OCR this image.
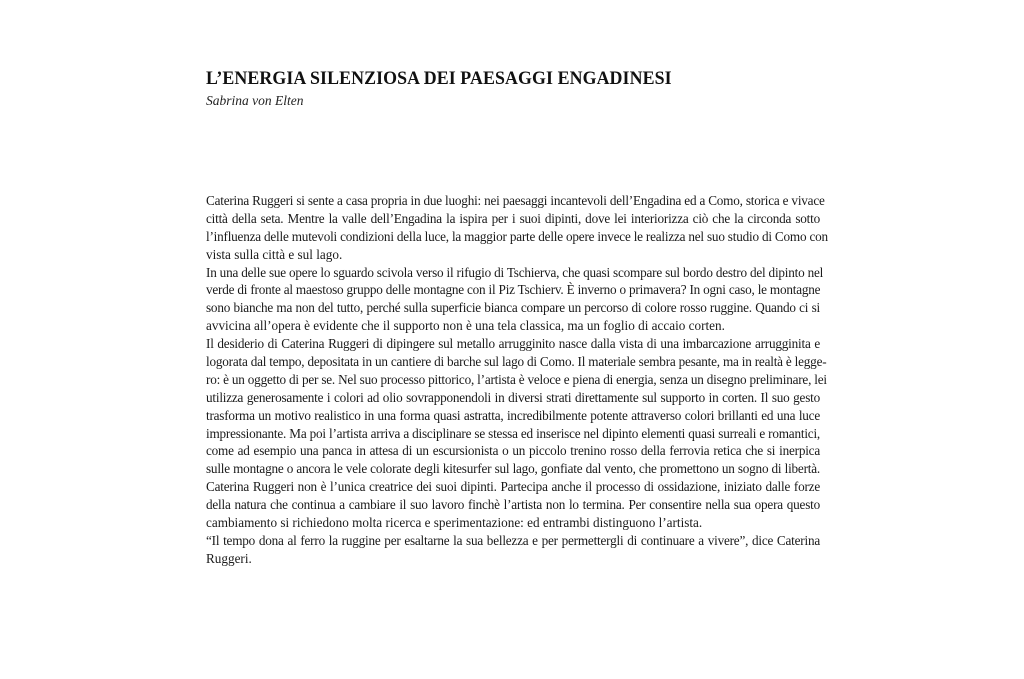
L’ENERGIA SILENZIOSA DEI PAESAGGI ENGADINESI
Sabrina von Elten
Caterina Ruggeri si sente a casa propria in due luoghi: nei paesaggi incantevoli dell’Engadina ed a Como, storica e vivace
città della seta. Mentre la valle dell’Engadina la ispira per i suoi dipinti, dove lei interiorizza ciò che la circonda sotto
l’influenza delle mutevoli condizioni della luce, la maggior parte delle opere invece le realizza nel suo studio di Como con
vista sulla città e sul lago.
In una delle sue opere lo sguardo scivola verso il rifugio di Tschierva, che quasi scompare sul bordo destro del dipinto nel
verde di fronte al maestoso gruppo delle montagne con il Piz Tschierv. È inverno o primavera? In ogni caso, le montagne
sono bianche ma non del tutto, perché sulla superficie bianca compare un percorso di colore rosso ruggine. Quando ci si
avvicina all’opera è evidente che il supporto non è una tela classica, ma un foglio di accaio corten.
Il desiderio di Caterina Ruggeri di dipingere sul metallo arrugginito nasce dalla vista di una imbarcazione arrugginita e
logorata dal tempo, depositata in un cantiere di barche sul lago di Como. Il materiale sembra pesante, ma in realtà è legge-
ro: è un oggetto di per se. Nel suo processo pittorico, l’artista è veloce e piena di energia, senza un disegno preliminare, lei
utilizza generosamente i colori ad olio sovrapponendoli in diversi strati direttamente sul supporto in corten. Il suo gesto
trasforma un motivo realistico in una forma quasi astratta, incredibilmente potente attraverso colori brillanti ed una luce
impressionante. Ma poi l’artista arriva a disciplinare se stessa ed inserisce nel dipinto elementi quasi surreali e romantici,
come ad esempio una panca in attesa di un escursionista o un piccolo trenino rosso della ferrovia retica che si inerpica
sulle montagne o ancora le vele colorate degli kitesurfer sul lago, gonfiate dal vento, che promettono un sogno di libertà.
Caterina Ruggeri non è l’unica creatrice dei suoi dipinti. Partecipa anche il processo di ossidazione, iniziato dalle forze
della natura che continua a cambiare il suo lavoro finchè l’artista non lo termina. Per consentire nella sua opera questo
cambiamento si richiedono molta ricerca e sperimentazione: ed entrambi distinguono l’artista.
“Il tempo dona al ferro la ruggine per esaltarne la sua bellezza e per permettergli di continuare a vivere”, dice Caterina
Ruggeri.
